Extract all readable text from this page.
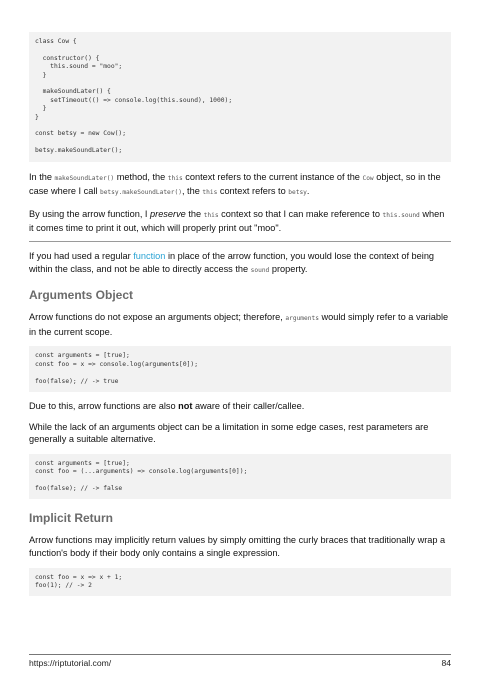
class Cow {
constructor() {
this.sound = "moo";
}
makeSoundLater() {
setTimeout(() => console.log(this.sound), 1000);
}
}
const betsy = new Cow();
betsy.makeSoundLater();

In the makeSoundLater() method, the this context refers to the current instance of the Cow object, so in the case where I call betsy.makeSoundLater(), the this context refers to betsy.

By using the arrow function, I preserve the this context so that I can make reference to this.sound when it comes time to print it out, which will properly print out "moo".

If you had used a regular function in place of the arrow function, you would lose the context of being within the class, and not be able to directly access the sound property.

Arguments Object

Arrow functions do not expose an arguments object; therefore, arguments would simply refer to a variable in the current scope.

const arguments = [true];
const foo = x => console.log(arguments[0]);
foo(false); // -> true

Due to this, arrow functions are also not aware of their caller/callee.

While the lack of an arguments object can be a limitation in some edge cases, rest parameters are generally a suitable alternative.

const arguments = [true];
const foo = (...arguments) => console.log(arguments[0]);
foo(false); // -> false
Implicit Return

Arrow functions may implicitly return values by simply omitting the curly braces that traditionally wrap a function's body if their body only contains a single expression.

const foo = x => x + 1;
foo(1); // -> 2
https://riptutorial.com/	84
